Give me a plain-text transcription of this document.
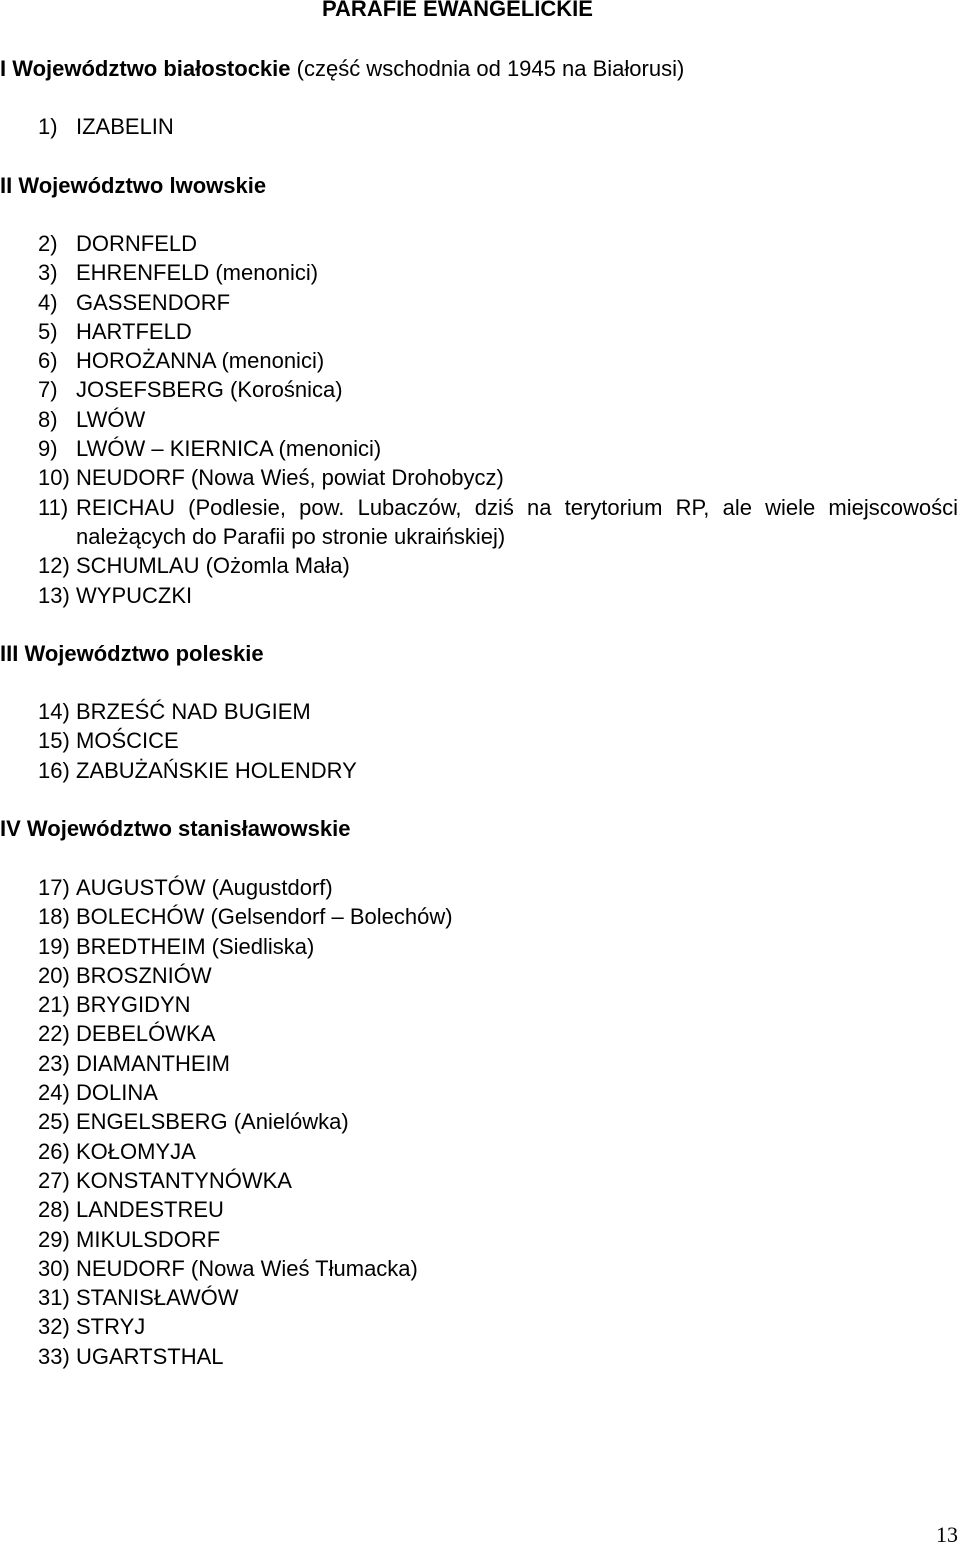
PARAFIE EWANGELICKIE
I Województwo białostockie (część wschodnia od 1945 na Białorusi)
1) IZABELIN
II Województwo lwowskie
2) DORNFELD
3) EHRENFELD (menonici)
4) GASSENDORF
5) HARTFELD
6) HOROŻANNA (menonici)
7) JOSEFSBERG (Korośnica)
8) LWÓW
9) LWÓW – KIERNICA (menonici)
10) NEUDORF (Nowa Wieś, powiat Drohobycz)
11) REICHAU (Podlesie, pow. Lubaczów, dziś na terytorium RP, ale wiele miejscowości należących do Parafii po stronie ukraińskiej)
12) SCHUMLAU (Ożomla Mała)
13) WYPUCZKI
III Województwo poleskie
14) BRZEŚĆ NAD BUGIEM
15) MOŚCICE
16) ZABUŻAŃSKIE HOLENDRY
IV Województwo stanisławowskie
17) AUGUSTÓW (Augustdorf)
18) BOLECHÓW (Gelsendorf – Bolechów)
19) BREDTHEIM (Siedliska)
20) BROSZNIÓW
21) BRYGIDYN
22) DEBELÓWKA
23) DIAMANTHEIM
24) DOLINA
25) ENGELSBERG (Anielówka)
26) KOŁOMYJA
27) KONSTANTYNÓWKA
28) LANDESTREU
29) MIKULSDORF
30) NEUDORF (Nowa Wieś Tłumacka)
31) STANISŁAWÓW
32) STRYJ
33) UGARTSTHAL
13
